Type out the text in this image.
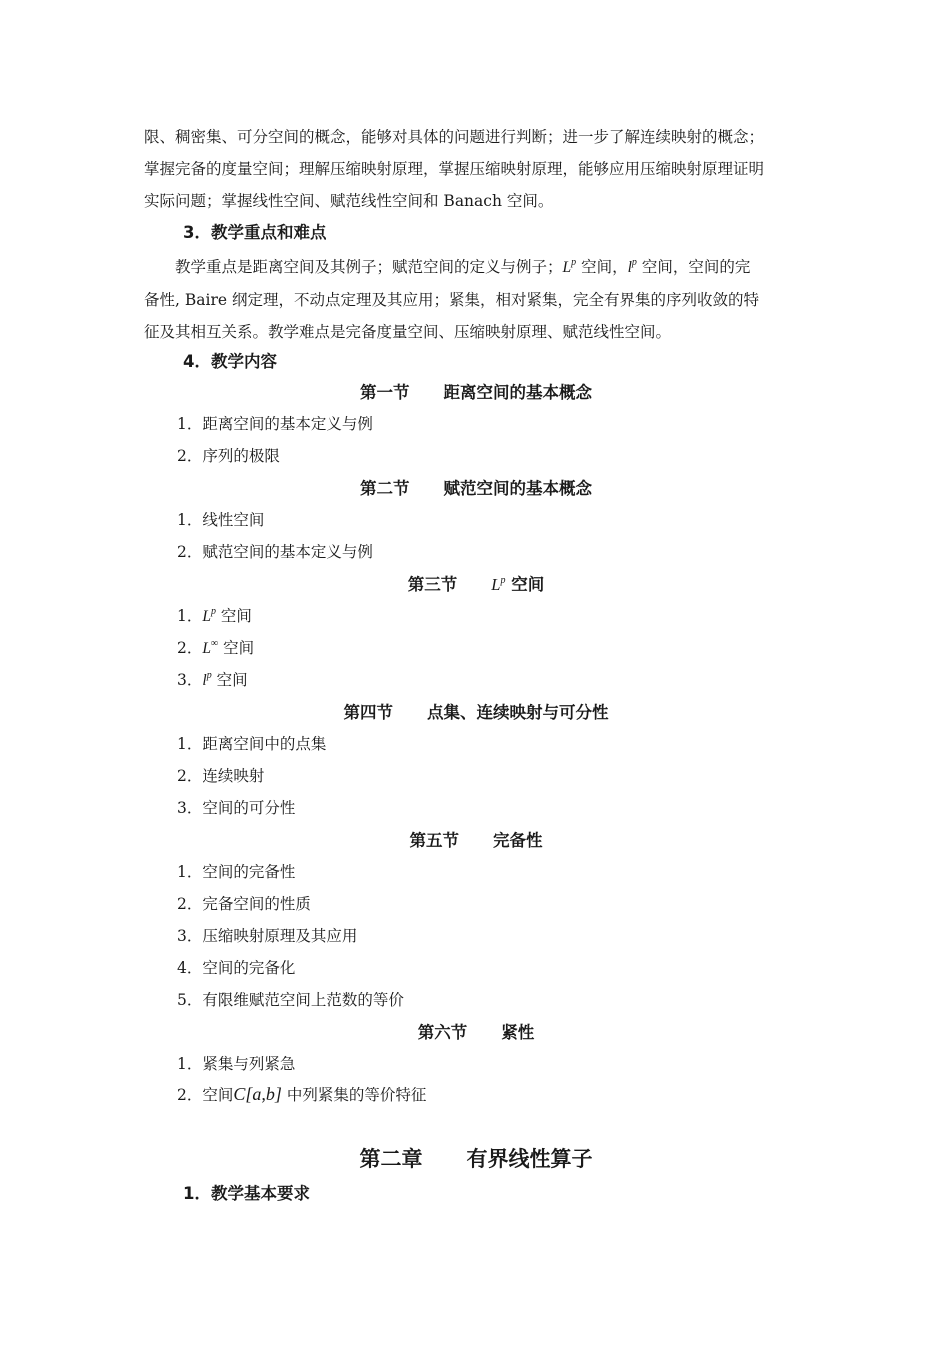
限、稠密集、可分空间的概念，能够对具体的问题进行判断；进一步了解连续映射的概念；
掌握完备的度量空间；理解压缩映射原理，掌握压缩映射原理，能够应用压缩映射原理证明
实际问题；掌握线性空间、赋范线性空间和 Banach 空间。
3．教学重点和难点
教学重点是距离空间及其例子；赋范空间的定义与例子；$L^p$ 空间，$l^p$ 空间，空间的完
备性, Baire 纲定理，不动点定理及其应用；紧集，相对紧集，完全有界集的序列收敛的特
征及其相互关系。教学难点是完备度量空间、压缩映射原理、赋范线性空间。
4．教学内容
第一节 距离空间的基本概念
1．距离空间的基本定义与例
2．序列的极限
第二节 赋范空间的基本概念
1．线性空间
2．赋范空间的基本定义与例
第三节 $L^p$ 空间
1．$L^p$ 空间
2．L∞ 空间
3．$l^p$ 空间
第四节 点集、连续映射与可分性
1．距离空间中的点集
2．连续映射
3．空间的可分性
第五节 完备性
1．空间的完备性
2．完备空间的性质
3．压缩映射原理及其应用
4．空间的完备化
5．有限维赋范空间上范数的等价
第六节 紧性
1．紧集与列紧急
2．空间C[a,b] 中列紧集的等价特征
第二章 有界线性算子
1．教学基本要求
